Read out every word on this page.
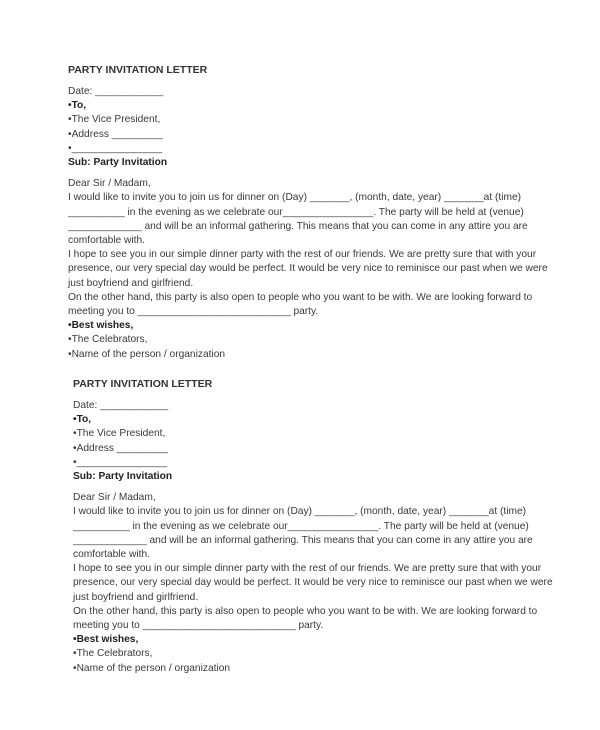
PARTY INVITATION LETTER
Date: ____________
•To,
•The Vice President,
•Address _________
•________________
Sub: Party Invitation
Dear Sir / Madam,
I would like to invite you to join us for dinner on (Day) _______, (month, date, year) _______at (time)
__________ in the evening as we celebrate our________________. The party will be held at (venue)
_____________ and will be an informal gathering. This means that you can come in any attire you are
comfortable with.
I hope to see you in our simple dinner party with the rest of our friends. We are pretty sure that with your
presence, our very special day would be perfect. It would be very nice to reminisce our past when we were
just boyfriend and girlfriend.
On the other hand, this party is also open to people who you want to be with. We are looking forward to
meeting you to ___________________________ party.
•Best wishes,
•The Celebrators,
•Name of the person / organization
PARTY INVITATION LETTER
Date: ____________
•To,
•The Vice President,
•Address _________
•________________
Sub: Party Invitation
Dear Sir / Madam,
I would like to invite you to join us for dinner on (Day) _______, (month, date, year) _______at (time)
__________ in the evening as we celebrate our________________. The party will be held at (venue)
_____________ and will be an informal gathering. This means that you can come in any attire you are
comfortable with.
I hope to see you in our simple dinner party with the rest of our friends. We are pretty sure that with your
presence, our very special day would be perfect. It would be very nice to reminisce our past when we were
just boyfriend and girlfriend.
On the other hand, this party is also open to people who you want to be with. We are looking forward to
meeting you to ___________________________ party.
•Best wishes,
•The Celebrators,
•Name of the person / organization
